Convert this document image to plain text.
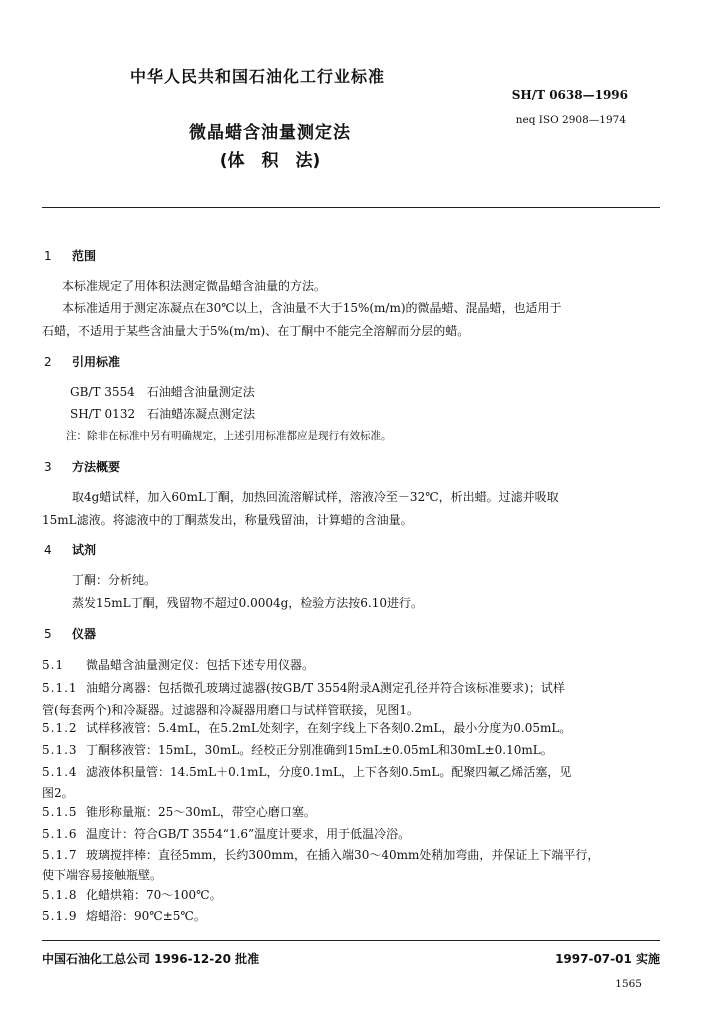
中华人民共和国石油化工行业标准
SH/T 0638—1996
neq ISO 2908—1974
微晶蜡含油量测定法
(体　积　法)
1 范围
本标准规定了用体积法测定微晶蜡含油量的方法。
本标准适用于测定冻凝点在30℃以上，含油量不大于15%(m/m)的微晶蜡、混晶蜡，也适用于
石蜡，不适用于某些含油量大于5%(m/m)、在丁酮中不能完全溶解而分层的蜡。
2 引用标准
GB/T 3554　石油蜡含油量测定法
SH/T 0132　石油蜡冻凝点测定法
注：除非在标准中另有明确规定，上述引用标准都应是现行有效标准。
3 方法概要
取4g蜡试样，加入60mL丁酮，加热回流溶解试样，溶液冷至－32℃，析出蜡。过滤并吸取
15mL滤液。将滤液中的丁酮蒸发出，称量残留油，计算蜡的含油量。
4 试剂
丁酮：分析纯。
蒸发15mL丁酮，残留物不超过0.0004g，检验方法按6.10进行。
5 仪器
5.1 微晶蜡含油量测定仪：包括下述专用仪器。
5.1.1 油蜡分离器：包括微孔玻璃过滤器(按GB/T 3554附录A测定孔径并符合该标准要求)；试样
管(每套两个)和冷凝器。过滤器和冷凝器用磨口与试样管联接，见图1。
5.1.2 试样移液管：5.4mL，在5.2mL处刻字，在刻字线上下各刻0.2mL，最小分度为0.05mL。
5.1.3 丁酮移液管：15mL，30mL。经校正分别准确到15mL±0.05mL和30mL±0.10mL。
5.1.4 滤液体积量管：14.5mL＋0.1mL，分度0.1mL，上下各刻0.5mL。配聚四氟乙烯活塞，见
图2。
5.1.5 锥形称量瓶：25～30mL，带空心磨口塞。
5.1.6 温度计：符合GB/T 3554“1.6”温度计要求，用于低温冷浴。
5.1.7 玻璃搅拌棒：直径5mm，长约300mm，在插入端30～40mm处稍加弯曲，并保证上下端平行，
使下端容易接触瓶壁。
5.1.8 化蜡烘箱：70～100℃。
5.1.9 熔蜡浴：90℃±5℃。
中国石油化工总公司 1996-12-20 批准	1997-07-01 实施
1565
